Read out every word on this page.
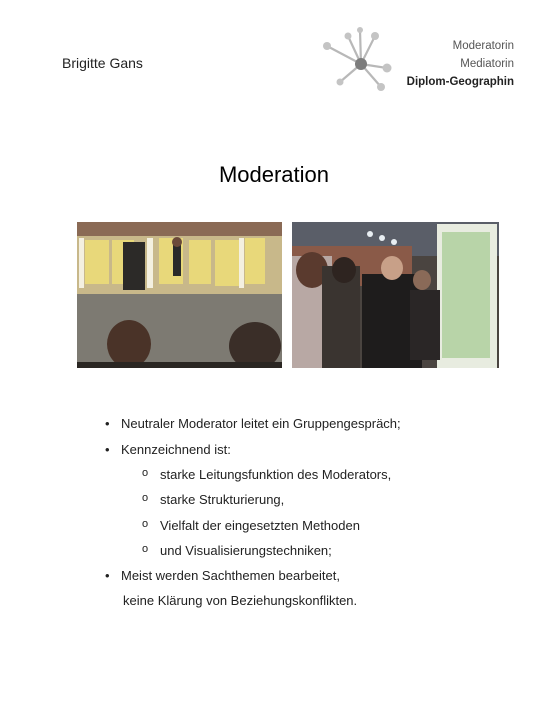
Brigitte Gans
Moderatorin
Mediatorin
Diplom-Geographin
Moderation
• Neutraler Moderator leitet ein Gruppengespräch;
• Kennzeichnend ist:
o starke Leitungsfunktion des Moderators,
o starke Strukturierung,
o Vielfalt der eingesetzten Methoden
o und Visualisierungstechniken;
• Meist werden Sachthemen bearbeitet,
keine Klärung von Beziehungskonflikten.
